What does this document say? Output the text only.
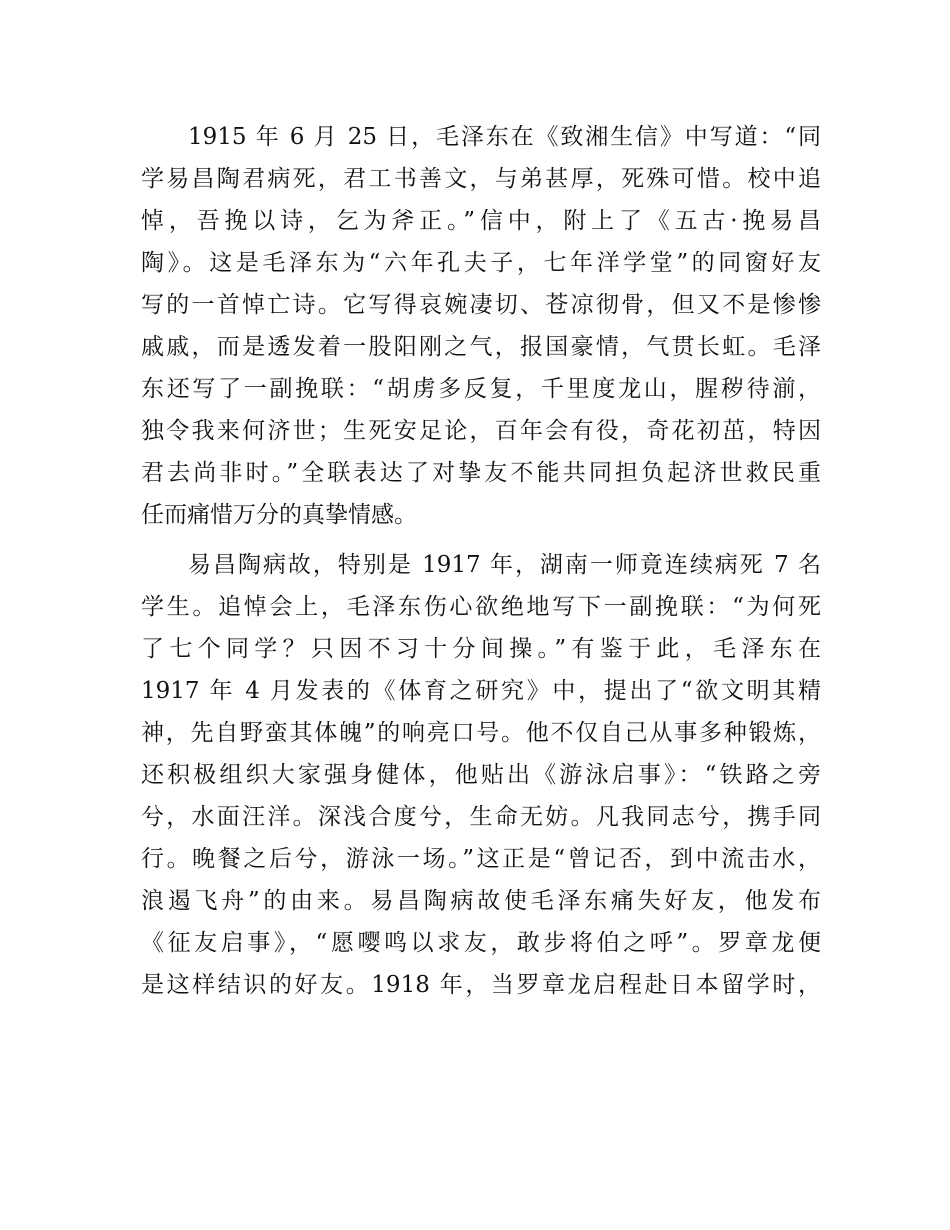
1915 年 6 月 25 日，毛泽东在《致湘生信》中写道：“同
学易昌陶君病死，君工书善文，与弟甚厚，死殊可惜。校中追
悼，吾挽以诗，乞为斧正。”信中，附上了《五古·挽易昌
陶》。这是毛泽东为“六年孔夫子，七年洋学堂”的同窗好友
写的一首悼亡诗。它写得哀婉凄切、苍凉彻骨，但又不是惨惨
戚戚，而是透发着一股阳刚之气，报国豪情，气贯长虹。毛泽
东还写了一副挽联：“胡虏多反复，千里度龙山，腥秽待湔，
独令我来何济世；生死安足论，百年会有役，奇花初茁，特因
君去尚非时。”全联表达了对挚友不能共同担负起济世救民重
任而痛惜万分的真挚情感。
易昌陶病故，特别是 1917 年，湖南一师竟连续病死 7 名
学生。追悼会上，毛泽东伤心欲绝地写下一副挽联：“为何死
了七个同学？只因不习十分间操。”有鉴于此，毛泽东在
1917 年 4 月发表的《体育之研究》中，提出了“欲文明其精
神，先自野蛮其体魄”的响亮口号。他不仅自己从事多种锻炼，
还积极组织大家强身健体，他贴出《游泳启事》：“铁路之旁
兮，水面汪洋。深浅合度兮，生命无妨。凡我同志兮，携手同
行。晚餐之后兮，游泳一场。”这正是“曾记否，到中流击水，
浪遏飞舟”的由来。易昌陶病故使毛泽东痛失好友，他发布
《征友启事》，“愿嘤鸣以求友，敢步将伯之呼”。罗章龙便
是这样结识的好友。1918 年，当罗章龙启程赴日本留学时，
